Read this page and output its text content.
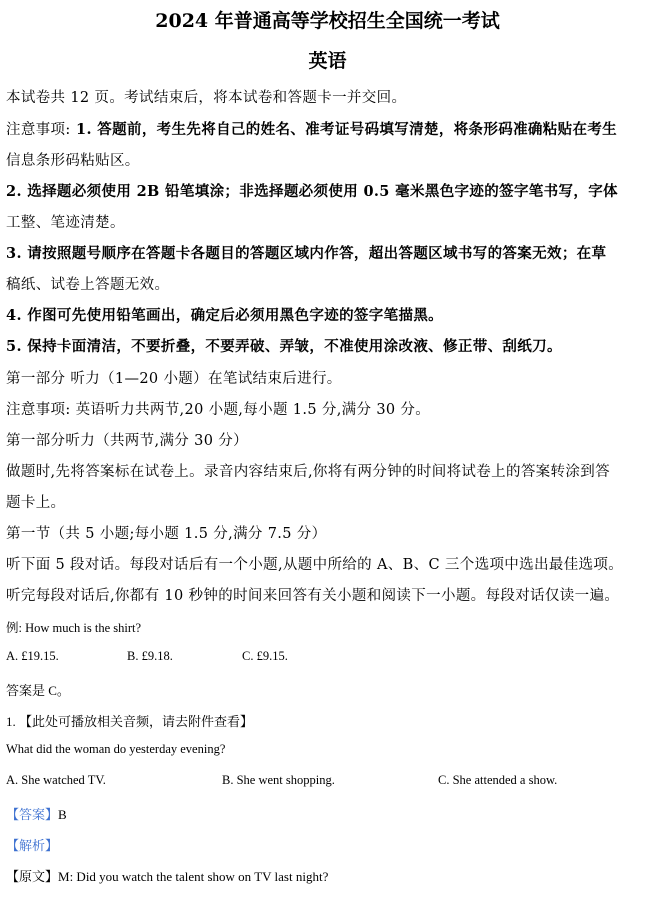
2024 年普通高等学校招生全国统一考试
英语
本试卷共 12 页。考试结束后，将本试卷和答题卡一并交回。
注意事项: 1. 答题前，考生先将自己的姓名、准考证号码填写清楚，将条形码准确粘贴在考生
信息条形码粘贴区。
2. 选择题必须使用 2B 铅笔填涂；非选择题必须使用 0.5 毫米黑色字迹的签字笔书写，字体
工整、笔迹清楚。
3. 请按照题号顺序在答题卡各题目的答题区域内作答，超出答题区域书写的答案无效；在草
稿纸、试卷上答题无效。
4. 作图可先使用铅笔画出，确定后必须用黑色字迹的签字笔描黑。
5. 保持卡面清洁，不要折叠，不要弄破、弄皱，不准使用涂改液、修正带、刮纸刀。
第一部分 听力（1—20 小题）在笔试结束后进行。
注意事项: 英语听力共两节,20 小题,每小题 1.5 分,满分 30 分。
第一部分听力（共两节,满分 30 分）
做题时,先将答案标在试卷上。录音内容结束后,你将有两分钟的时间将试卷上的答案转涂到答
题卡上。
第一节（共 5 小题;每小题 1.5 分,满分 7.5 分）
听下面 5 段对话。每段对话后有一个小题,从题中所给的 A、B、C 三个选项中选出最佳选项。
听完每段对话后,你都有 10 秒钟的时间来回答有关小题和阅读下一小题。每段对话仅读一遍。
例: How much is the shirt?
A. £19.15.	B. £9.18.	C. £9.15.
答案是 C。
1. 【此处可播放相关音频，请去附件查看】
What did the woman do yesterday evening?
A. She watched TV.	B. She went shopping.	C. She attended a show.
【答案】B
【解析】
【原文】M: Did you watch the talent show on TV last night?
